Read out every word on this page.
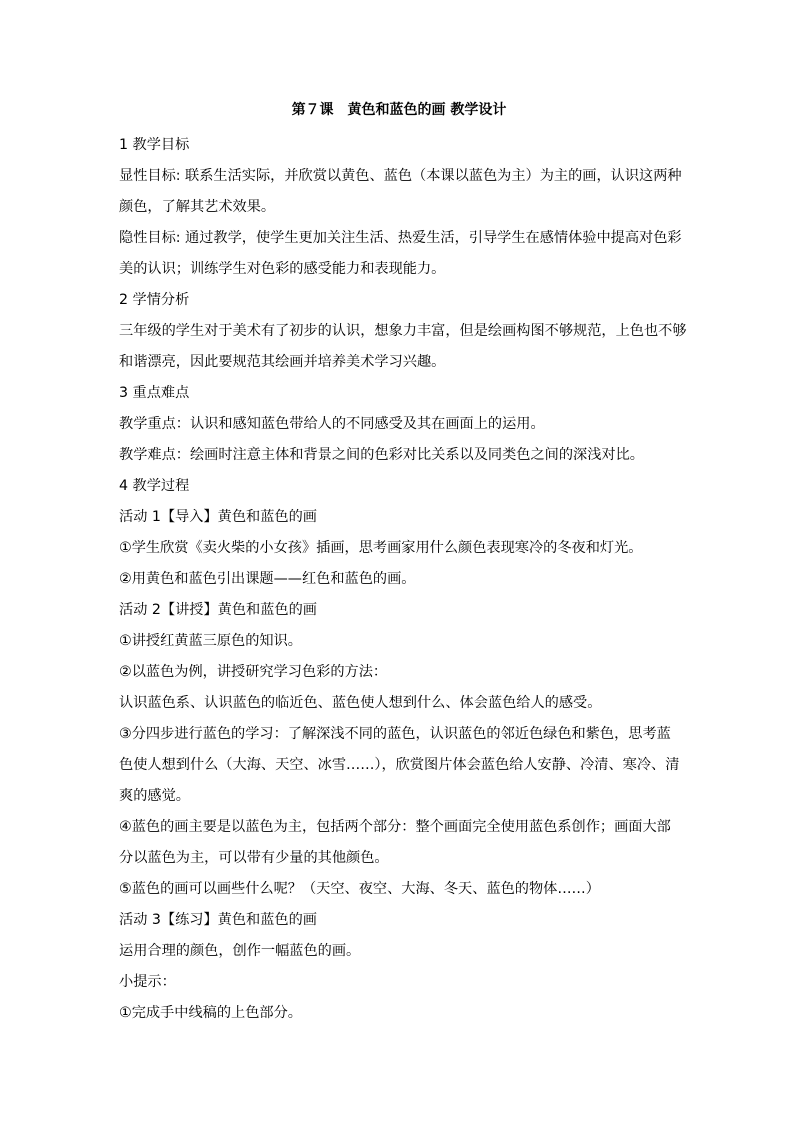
第７课　黄色和蓝色的画 教学设计

1 教学目标

显性目标: 联系生活实际，并欣赏以黄色、蓝色（本课以蓝色为主）为主的画，认识这两种

颜色，了解其艺术效果。

隐性目标: 通过教学，使学生更加关注生活、热爱生活，引导学生在感情体验中提高对色彩

美的认识；训练学生对色彩的感受能力和表现能力。

2 学情分析

三年级的学生对于美术有了初步的认识，想象力丰富，但是绘画构图不够规范，上色也不够

和谐漂亮，因此要规范其绘画并培养美术学习兴趣。

3 重点难点

教学重点：认识和感知蓝色带给人的不同感受及其在画面上的运用。

教学难点：绘画时注意主体和背景之间的色彩对比关系以及同类色之间的深浅对比。

4 教学过程

活动 1【导入】黄色和蓝色的画

①学生欣赏《卖火柴的小女孩》插画，思考画家用什么颜色表现寒冷的冬夜和灯光。

②用黄色和蓝色引出课题——红色和蓝色的画。

活动 2【讲授】黄色和蓝色的画

①讲授红黄蓝三原色的知识。

②以蓝色为例，讲授研究学习色彩的方法：

认识蓝色系、认识蓝色的临近色、蓝色使人想到什么、体会蓝色给人的感受。

③分四步进行蓝色的学习：了解深浅不同的蓝色，认识蓝色的邻近色绿色和紫色，思考蓝

色使人想到什么（大海、天空、冰雪……），欣赏图片体会蓝色给人安静、冷清、寒冷、清

爽的感觉。

④蓝色的画主要是以蓝色为主，包括两个部分：整个画面完全使用蓝色系创作；画面大部

分以蓝色为主，可以带有少量的其他颜色。

⑤蓝色的画可以画些什么呢？（天空、夜空、大海、冬天、蓝色的物体……）

活动 3【练习】黄色和蓝色的画

运用合理的颜色，创作一幅蓝色的画。

小提示：

①完成手中线稿的上色部分。
